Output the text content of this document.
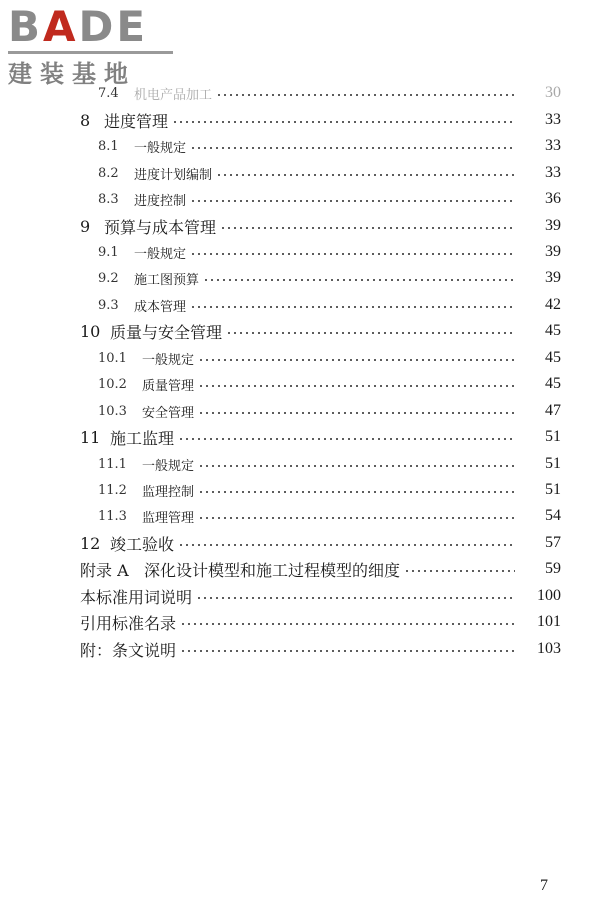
B A D E
建装基地
7.4	机电产品加工	30
8 进度管理	33
8.1	一般规定	33
8.2	进度计划编制	33
8.3	进度控制	36
9 预算与成本管理	39
9.1	一般规定	39
9.2	施工图预算	39
9.3	成本管理	42
10 质量与安全管理	45
10.1	一般规定	45
10.2	质量管理	45
10.3	安全管理	47
11 施工监理	51
11.1	一般规定	51
11.2	监理控制	51
11.3	监理管理	54
12 竣工验收	57
附录 A 深化设计模型和施工过程模型的细度	59
本标准用词说明	100
引用标准名录	101
附：条文说明	103
7
